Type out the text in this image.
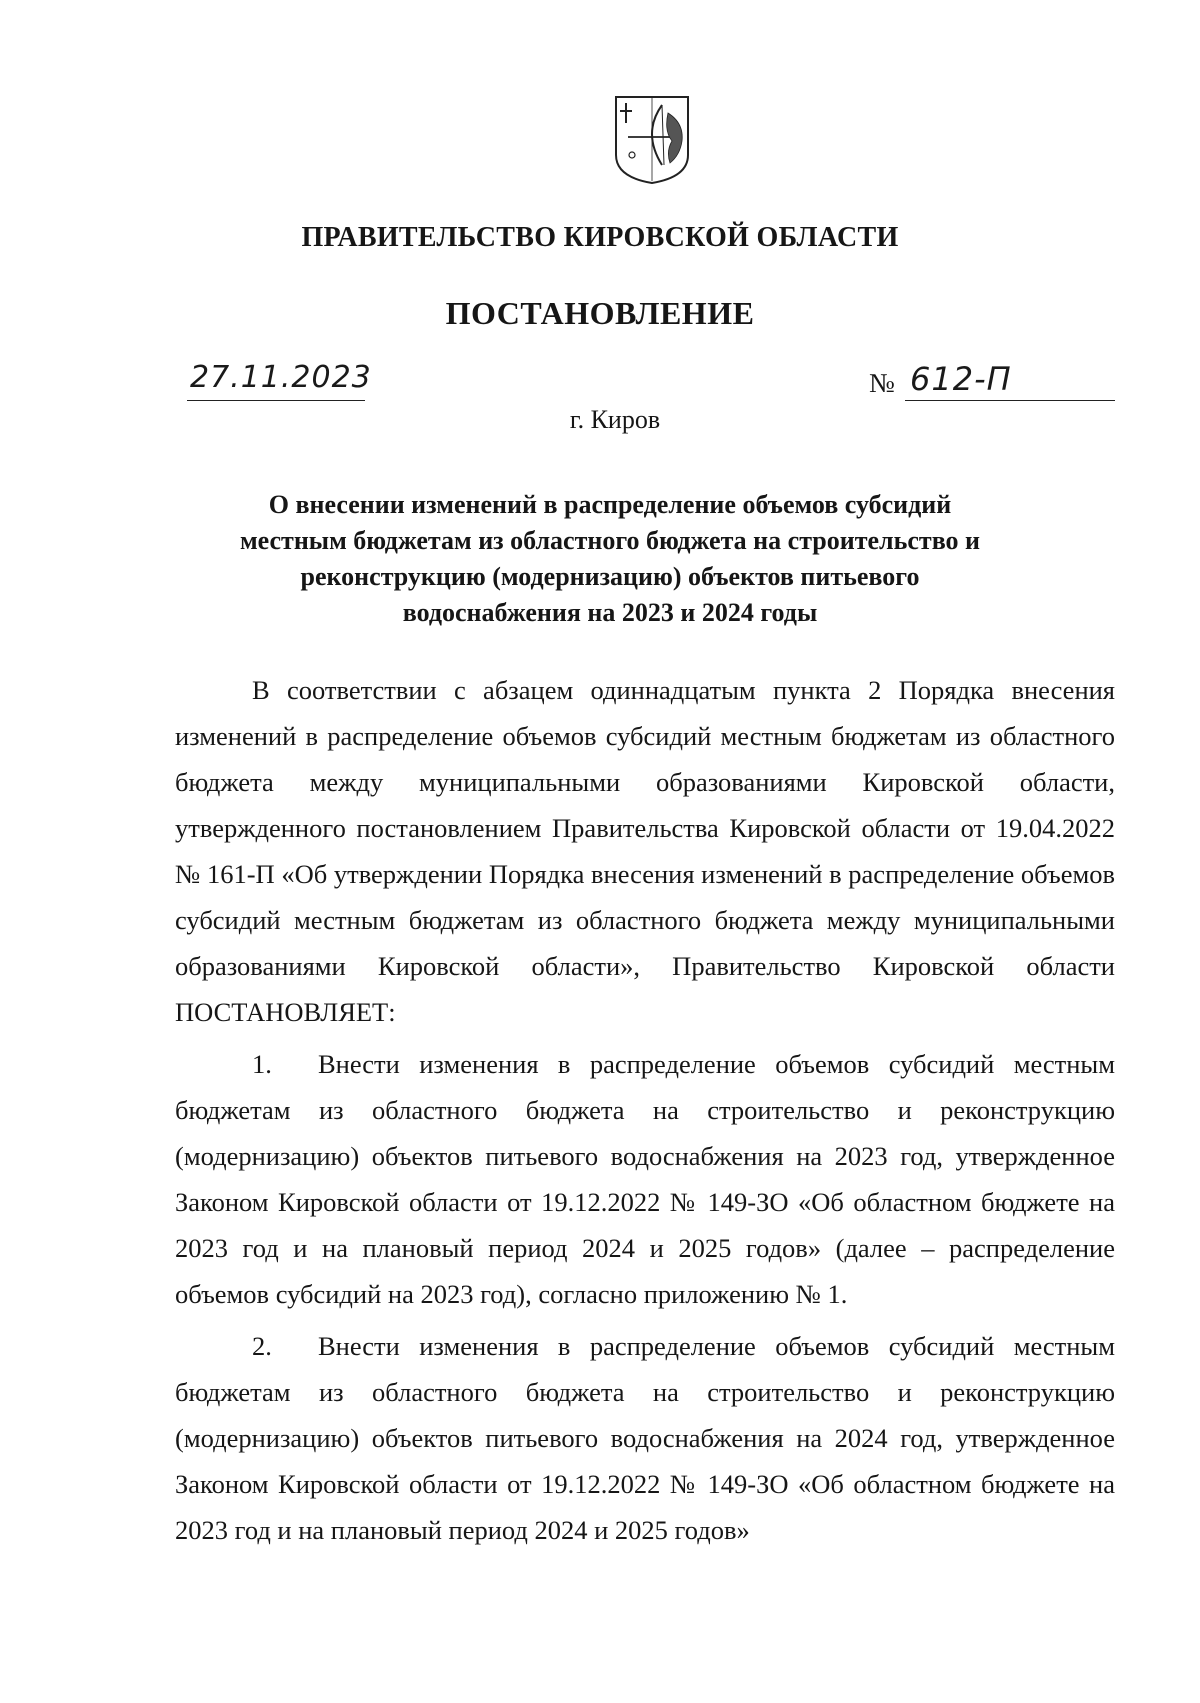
ПРАВИТЕЛЬСТВО КИРОВСКОЙ ОБЛАСТИ
ПОСТАНОВЛЕНИЕ
27.11.2023	№ 612-П
г. Киров
О внесении изменений в распределение объемов субсидий местным бюджетам из областного бюджета на строительство и реконструкцию (модернизацию) объектов питьевого водоснабжения на 2023 и 2024 годы

В соответствии с абзацем одиннадцатым пункта 2 Порядка внесения изменений в распределение объемов субсидий местным бюджетам из областного бюджета между муниципальными образованиями Кировской области, утвержденного постановлением Правительства Кировской области от 19.04.2022 № 161-П «Об утверждении Порядка внесения изменений в распределение объемов субсидий местным бюджетам из областного бюджета между муниципальными образованиями Кировской области», Правительство Кировской области ПОСТАНОВЛЯЕТ:

1. Внести изменения в распределение объемов субсидий местным бюджетам из областного бюджета на строительство и реконструкцию (модернизацию) объектов питьевого водоснабжения на 2023 год, утвержденное Законом Кировской области от 19.12.2022 № 149-ЗО «Об областном бюджете на 2023 год и на плановый период 2024 и 2025 годов» (далее – распределение объемов субсидий на 2023 год), согласно приложению № 1.

2. Внести изменения в распределение объемов субсидий местным бюджетам из областного бюджета на строительство и реконструкцию (модернизацию) объектов питьевого водоснабжения на 2024 год, утвержденное Законом Кировской области от 19.12.2022 № 149-ЗО «Об областном бюджете на 2023 год и на плановый период 2024 и 2025 годов»
